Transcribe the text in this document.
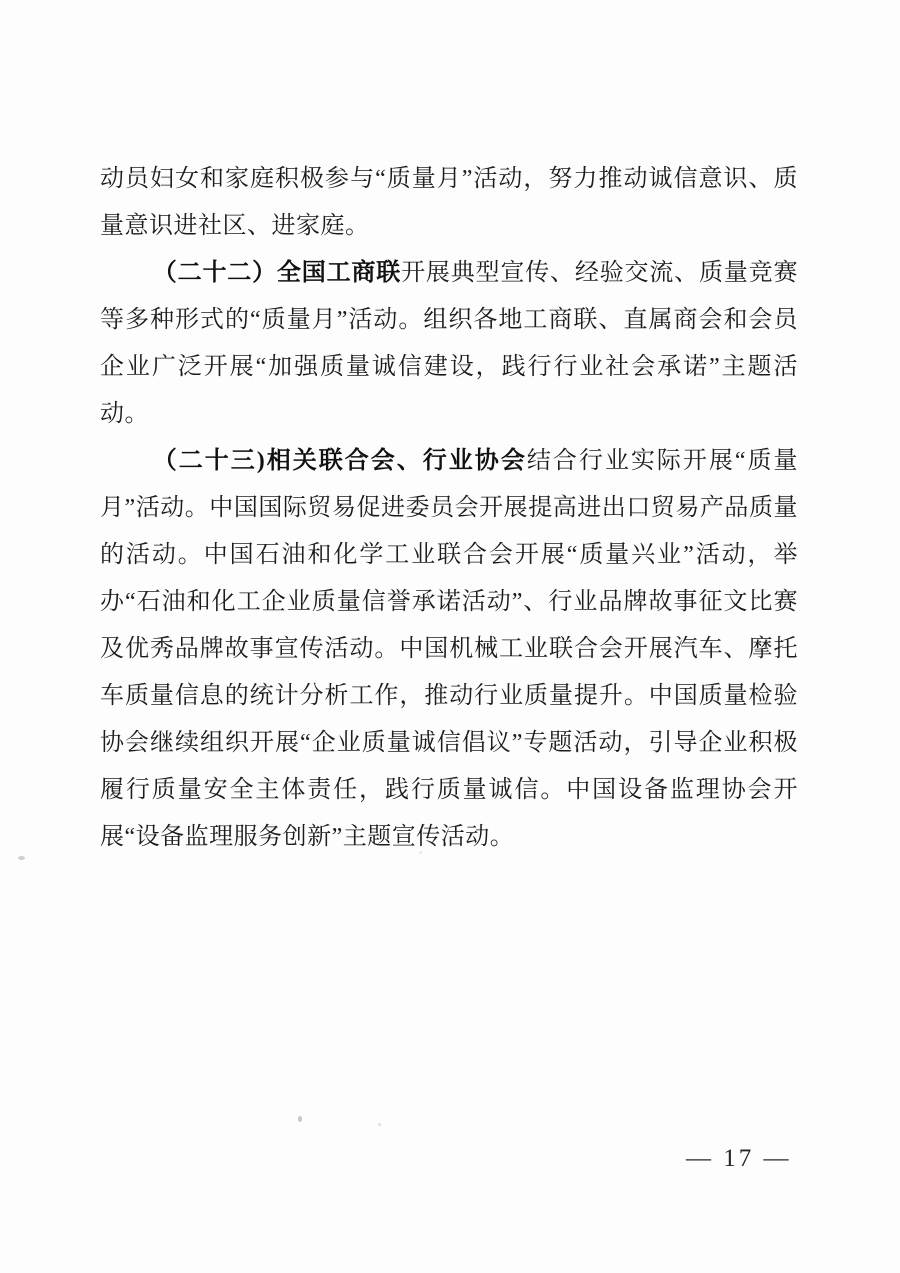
动员妇女和家庭积极参与“质量月”活动，努力推动诚信意识、质量意识进社区、进家庭。

（二十二）全国工商联开展典型宣传、经验交流、质量竞赛等多种形式的“质量月”活动。组织各地工商联、直属商会和会员企业广泛开展“加强质量诚信建设，践行行业社会承诺”主题活动。

（二十三)相关联合会、行业协会结合行业实际开展“质量月”活动。中国国际贸易促进委员会开展提高进出口贸易产品质量的活动。中国石油和化学工业联合会开展“质量兴业”活动，举办“石油和化工企业质量信誉承诺活动”、行业品牌故事征文比赛及优秀品牌故事宣传活动。中国机械工业联合会开展汽车、摩托车质量信息的统计分析工作，推动行业质量提升。中国质量检验协会继续组织开展“企业质量诚信倡议”专题活动，引导企业积极履行质量安全主体责任，践行质量诚信。中国设备监理协会开展“设备监理服务创新”主题宣传活动。

— 17 —
